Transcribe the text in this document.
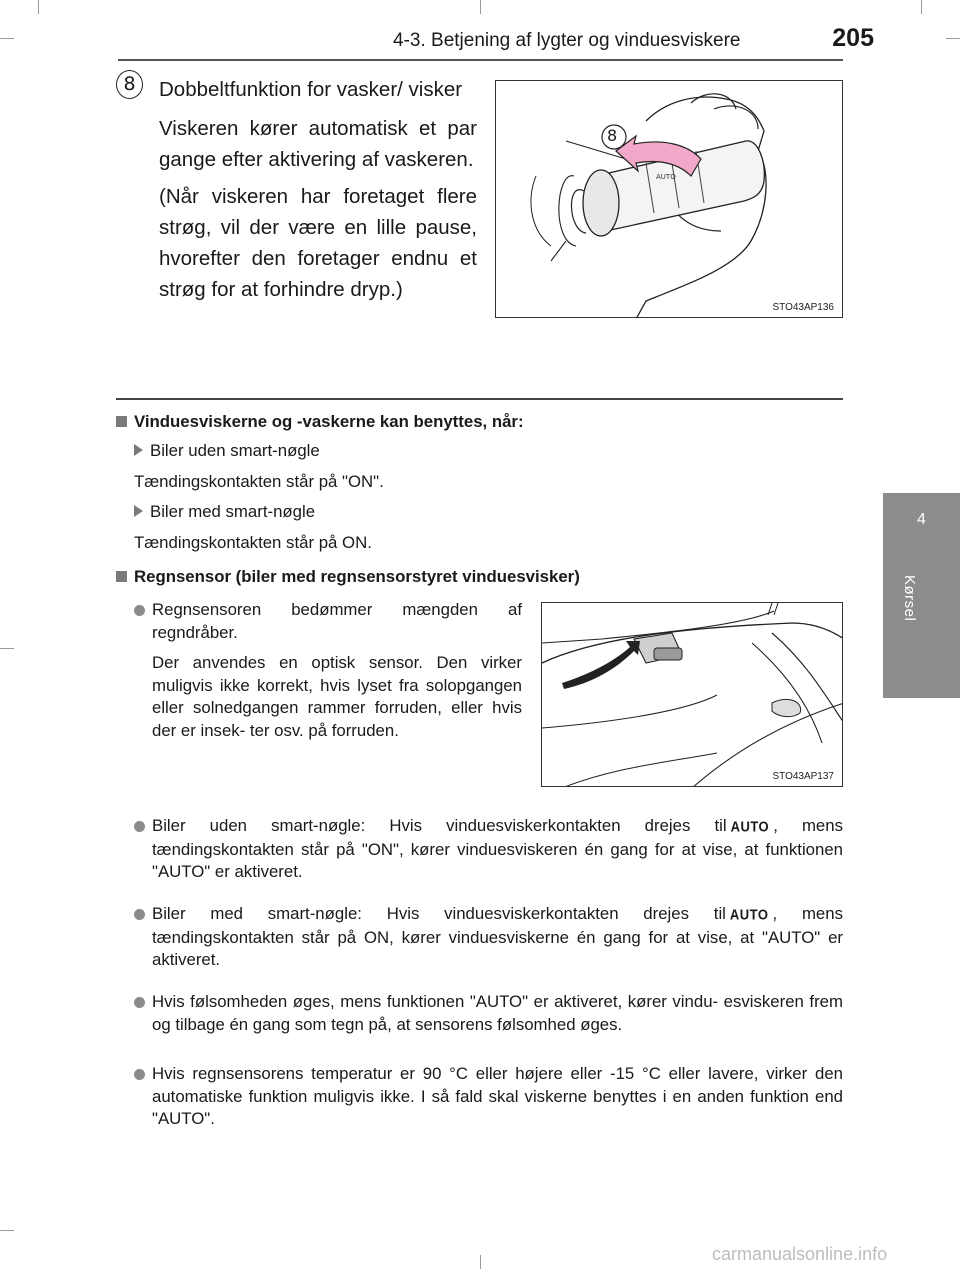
4-3. Betjening af lygter og vinduesviskere	205
4
Kørsel
8	Dobbeltfunktion for vasker/ visker

Viskeren kører automatisk et par gange efter aktivering af vaskeren.

(Når viskeren har foretaget flere strøg, vil der være en lille pause, hvorefter den foretager endnu et strøg for at forhindre dryp.)

AUTO
8
STO43AP136
Vinduesviskerne og -vaskerne kan benyttes, når:
Biler uden smart-nøgle
Tændingskontakten står på "ON".
Biler med smart-nøgle
Tændingskontakten står på ON.
Regnsensor (biler med regnsensorstyret vinduesvisker)
Regnsensoren bedømmer mængden af regndråber.
Der anvendes en optisk sensor. Den virker muligvis ikke korrekt, hvis lyset fra solopgangen eller solnedgangen rammer forruden, eller hvis der er insek- ter osv. på forruden.
STO43AP137
Biler uden smart-nøgle: Hvis vinduesviskerkontakten drejes til AUTO , mens tændingskontakten står på "ON", kører vinduesviskeren én gang for at vise, at funktionen "AUTO" er aktiveret.
Biler med smart-nøgle: Hvis vinduesviskerkontakten drejes til AUTO , mens tændingskontakten står på ON, kører vinduesviskerne én gang for at vise, at "AUTO" er aktiveret.
Hvis følsomheden øges, mens funktionen "AUTO" er aktiveret, kører vindu- esviskeren frem og tilbage én gang som tegn på, at sensorens følsomhed øges.
Hvis regnsensorens temperatur er 90 °C eller højere eller -15 °C eller lavere, virker den automatiske funktion muligvis ikke. I så fald skal viskerne benyttes i en anden funktion end "AUTO".
carmanualsonline.info
